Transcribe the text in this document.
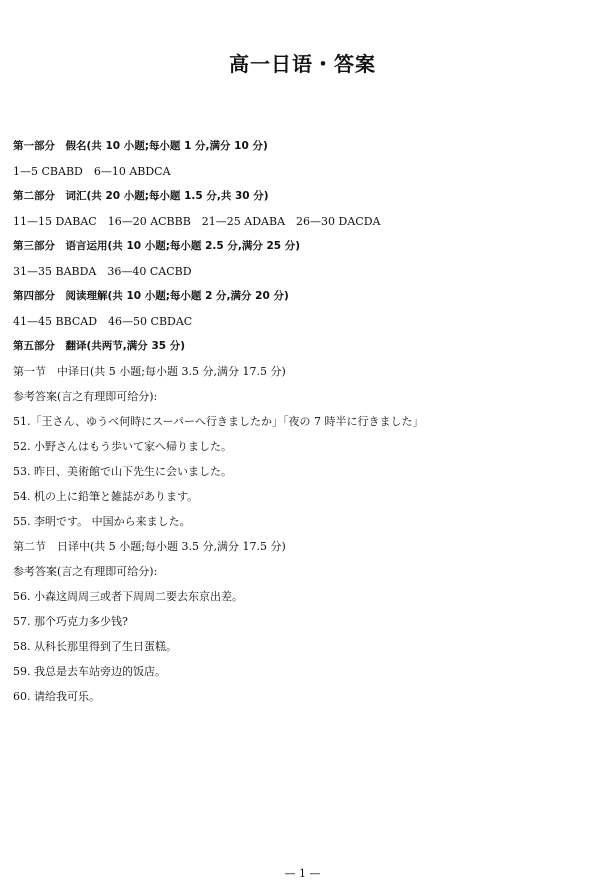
高一日语・答案
第一部分　假名(共 10 小题;每小题 1 分,满分 10 分)
1—5 CBABD　6—10 ABDCA
第二部分　词汇(共 20 小题;每小题 1.5 分,共 30 分)
11—15 DABAC　16—20 ACBBB　21—25 ADABA　26—30 DACDA
第三部分　语言运用(共 10 小题;每小题 2.5 分,满分 25 分)
31—35 BABDA　36—40 CACBD
第四部分　阅读理解(共 10 小题;每小题 2 分,满分 20 分)
41—45 BBCAD　46—50 CBDAC
第五部分　翻译(共两节,满分 35 分)
第一节　中译日(共 5 小题;每小题 3.5 分,满分 17.5 分)
参考答案(言之有理即可给分):
51.「王さん、ゆうべ何時にスーパーへ行きましたか」「夜の 7 時半に行きました」
52. 小野さんはもう歩いて家へ帰りました。
53. 昨日、美術館で山下先生に会いました。
54. 机の上に鉛筆と雑誌があります。
55. 李明です。 中国から来ました。
第二节　日译中(共 5 小题;每小题 3.5 分,满分 17.5 分)
参考答案(言之有理即可给分):
56. 小森这周周三或者下周周二要去东京出差。
57. 那个巧克力多少钱?
58. 从科长那里得到了生日蛋糕。
59. 我总是去车站旁边的饭店。
60. 请给我可乐。
— 1 —
